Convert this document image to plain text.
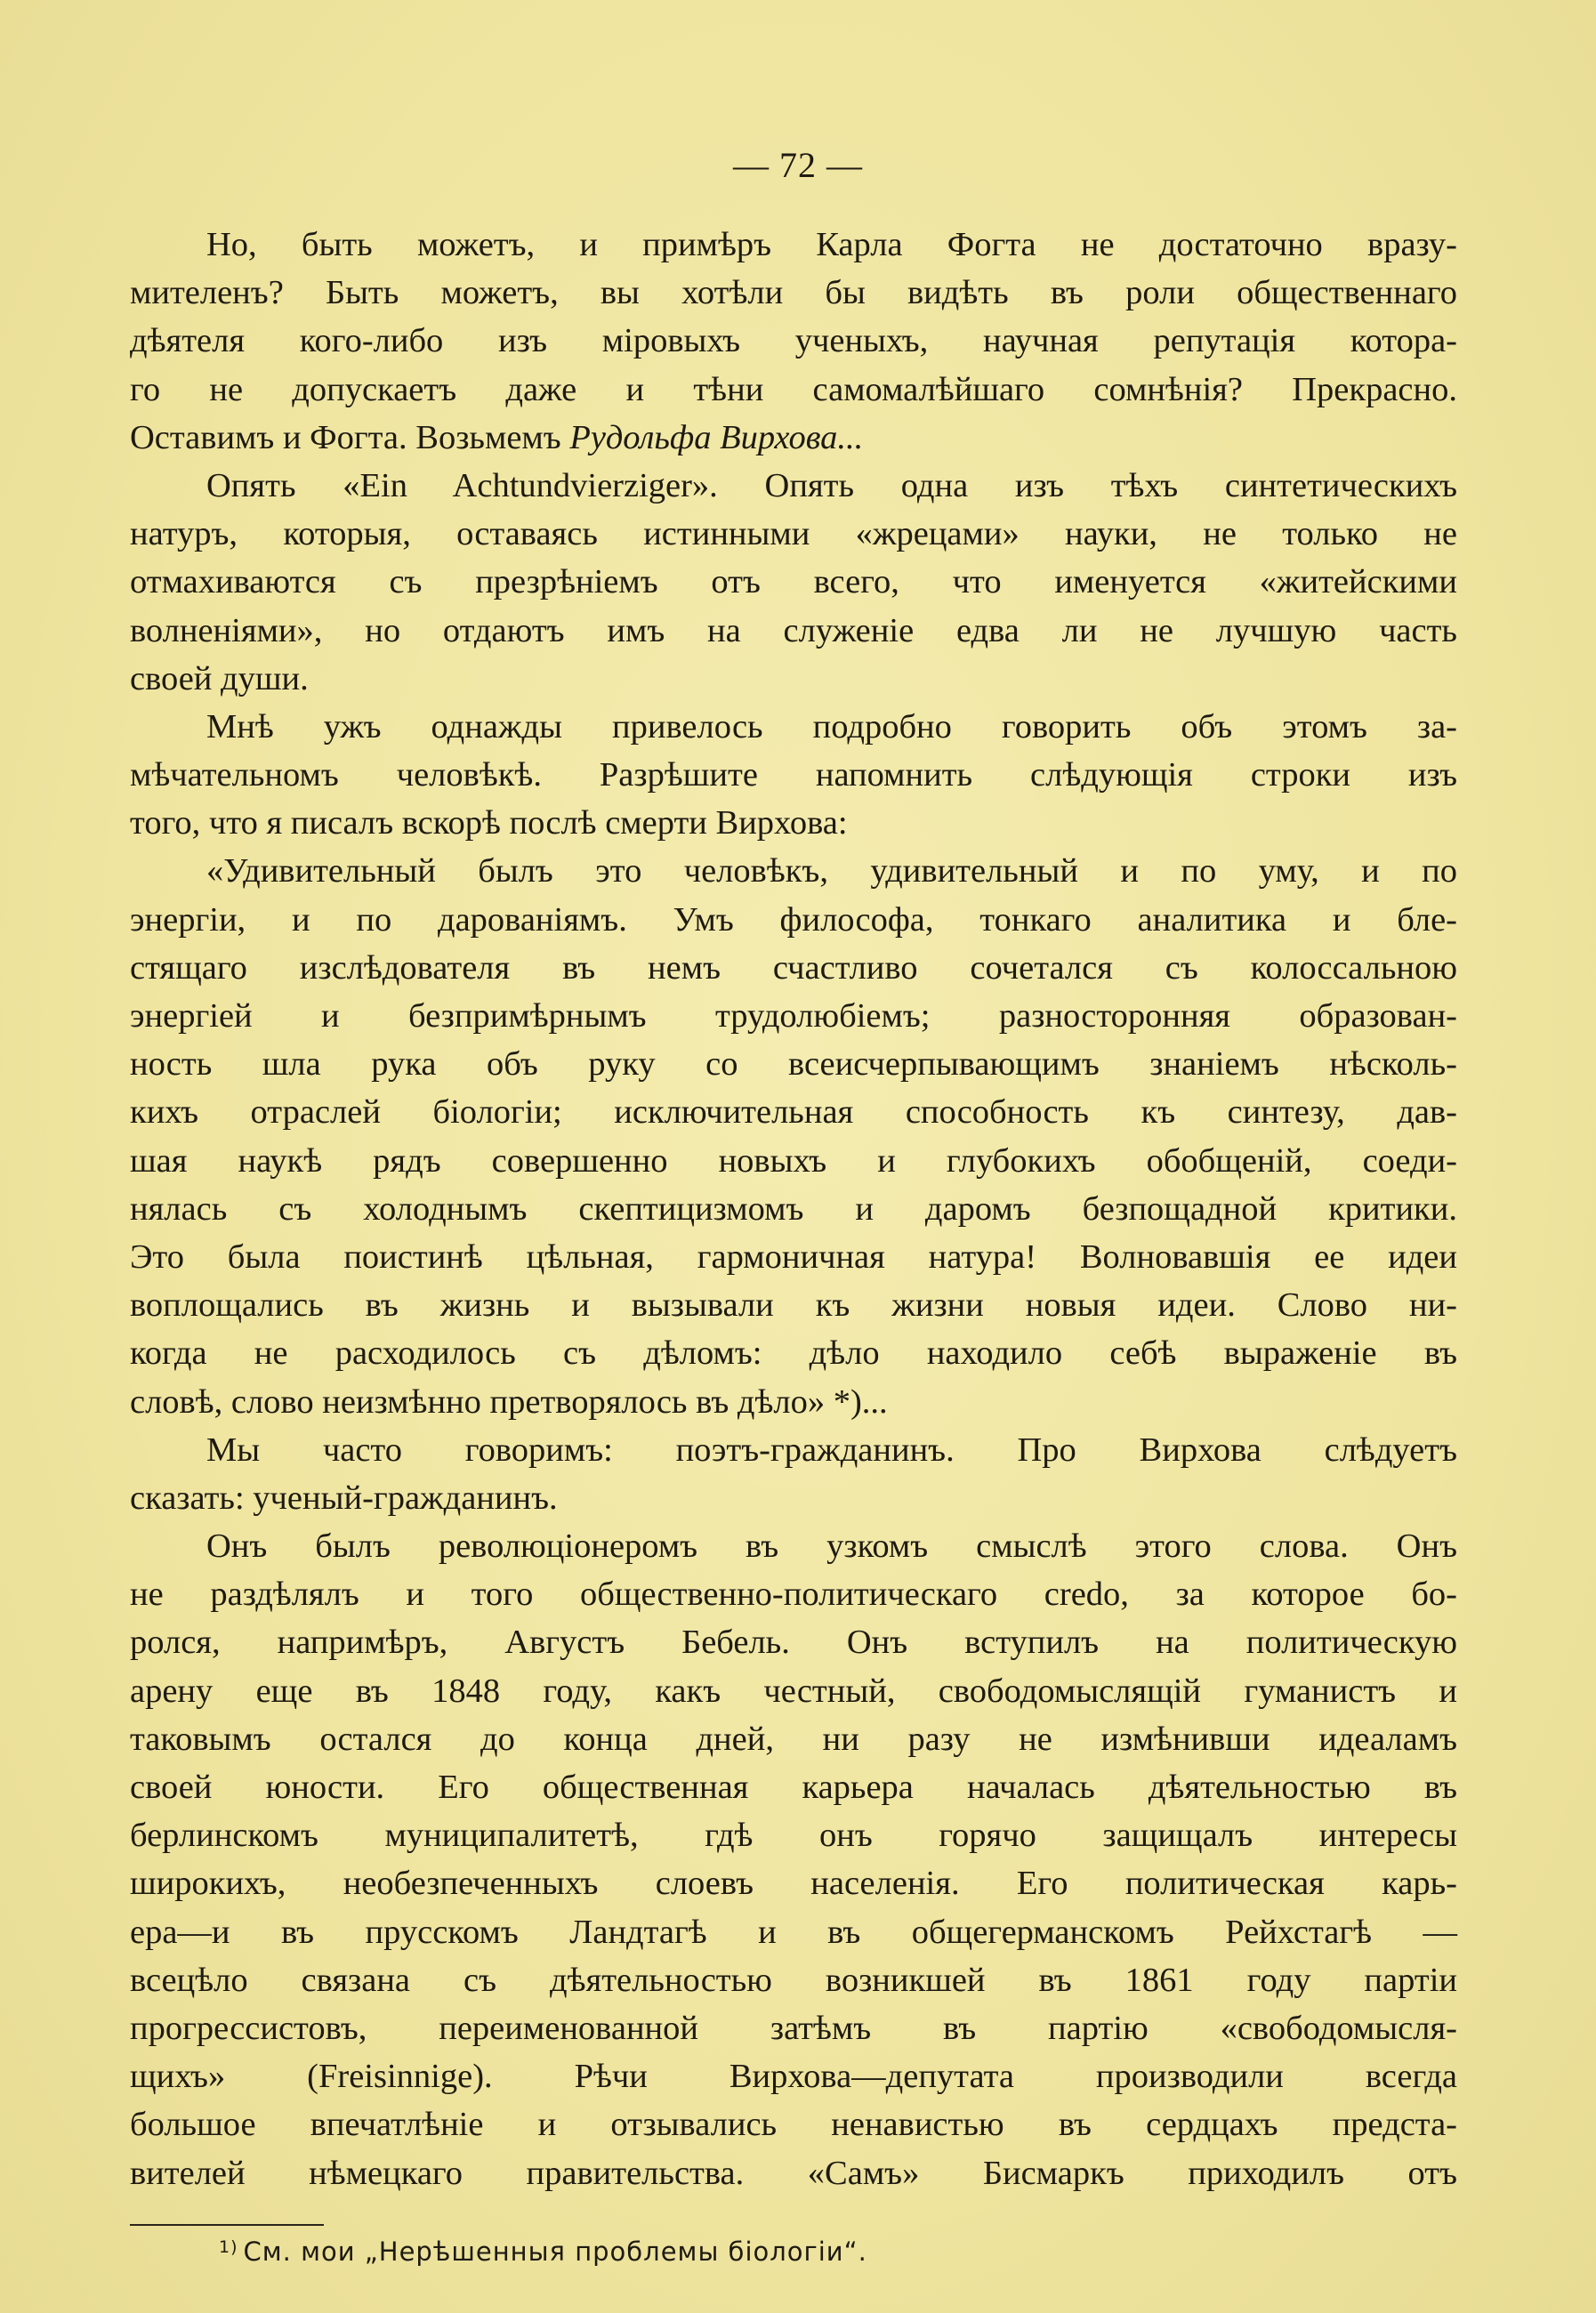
— 72 —
Но, быть можетъ, и примѣръ Карла Фогта не достаточно вразу-
мителенъ? Быть можетъ, вы хотѣли бы видѣть въ роли общественнаго
дѣятеля кого-либо изъ міровыхъ ученыхъ, научная репутація котора-
го не допускаетъ даже и тѣни самомалѣйшаго сомнѣнія? Прекрасно.
Оставимъ и Фогта. Возьмемъ Рудольфа Вирхова...
Опять «Ein Achtundvierziger». Опять одна изъ тѣхъ синтетическихъ
натуръ, которыя, оставаясь истинными «жрецами» науки, не только не
отмахиваются съ презрѣніемъ отъ всего, что именуется «житейскими
волненіями», но отдаютъ имъ на служеніе едва ли не лучшую часть
своей души.
Мнѣ ужъ однажды привелось подробно говорить объ этомъ за-
мѣчательномъ человѣкѣ. Разрѣшите напомнить слѣдующія строки изъ
того, что я писалъ вскорѣ послѣ смерти Вирхова:
«Удивительный былъ это человѣкъ, удивительный и по уму, и по
энергіи, и по дарованіямъ. Умъ философа, тонкаго аналитика и бле-
стящаго изслѣдователя въ немъ счастливо сочетался съ колоссальною
энергіей и безпримѣрнымъ трудолюбіемъ; разносторонняя образован-
ность шла рука объ руку со всеисчерпывающимъ знаніемъ нѣсколь-
кихъ отраслей біологіи; исключительная способность къ синтезу, дав-
шая наукѣ рядъ совершенно новыхъ и глубокихъ обобщеній, соеди-
нялась съ холоднымъ скептицизмомъ и даромъ безпощадной критики.
Это была поистинѣ цѣльная, гармоничная натура! Волновавшія ее идеи
воплощались въ жизнь и вызывали къ жизни новыя идеи. Слово ни-
когда не расходилось съ дѣломъ: дѣло находило себѣ выраженіе въ
словѣ, слово неизмѣнно претворялось въ дѣло» *)...
Мы часто говоримъ: поэтъ-гражданинъ. Про Вирхова слѣдуетъ
сказать: ученый-гражданинъ.
Онъ былъ революціонеромъ въ узкомъ смыслѣ этого слова. Онъ
не раздѣлялъ и того общественно-политическаго credo, за которое бо-
ролся, напримѣръ, Августъ Бебель. Онъ вступилъ на политическую
арену еще въ 1848 году, какъ честный, свободомыслящій гуманистъ и
таковымъ остался до конца дней, ни разу не измѣнивши идеаламъ
своей юности. Его общественная карьера началась дѣятельностью въ
берлинскомъ муниципалитетѣ, гдѣ онъ горячо защищалъ интересы
широкихъ, необезпеченныхъ слоевъ населенія. Его политическая карь-
ера—и въ прусскомъ Ландтагѣ и въ общегерманскомъ Рейхстагѣ —
всецѣло связана съ дѣятельностью возникшей въ 1861 году партіи
прогрессистовъ, переименованной затѣмъ въ партію «свободомысля-
щихъ» (Freisinnige). Рѣчи Вирхова—депутата производили всегда
большое впечатлѣніе и отзывались ненавистью въ сердцахъ предста-
вителей нѣмецкаго правительства. «Самъ» Бисмаркъ приходилъ отъ
$^{1)}$ См. мои „Нерѣшенныя проблемы біологіи“.
